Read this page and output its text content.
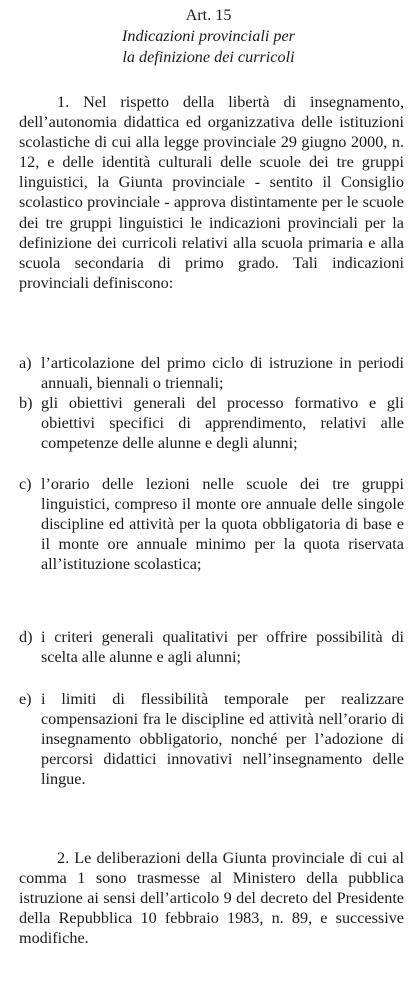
Art. 15
Indicazioni provinciali per
la definizione dei curricoli

1. Nel rispetto della libertà di insegnamento, dell’autonomia didattica ed organizzativa delle istituzioni scolastiche di cui alla legge provinciale 29 giugno 2000, n. 12, e delle identità culturali delle scuole dei tre gruppi linguistici, la Giunta provinciale - sentito il Consiglio scolastico provinciale - approva distintamente per le scuole dei tre gruppi linguistici le indicazioni provinciali per la definizione dei curricoli relativi alla scuola primaria e alla scuola secondaria di primo grado. Tali indicazioni provinciali definiscono:

a) l’articolazione del primo ciclo di istruzione in periodi annuali, biennali o triennali;
b) gli obiettivi generali del processo formativo e gli obiettivi specifici di apprendimento, relativi alle competenze delle alunne e degli alunni;
c) l’orario delle lezioni nelle scuole dei tre gruppi linguistici, compreso il monte ore annuale delle singole discipline ed attività per la quota obbligatoria di base e il monte ore annuale minimo per la quota riservata all’istituzione scolastica;
d) i criteri generali qualitativi per offrire possibilità di scelta alle alunne e agli alunni;
e) i limiti di flessibilità temporale per realizzare compensazioni fra le discipline ed attività nell’orario di insegnamento obbligatorio, nonché per l’adozione di percorsi didattici innovativi nell’insegnamento delle lingue.

2. Le deliberazioni della Giunta provinciale di cui al comma 1 sono trasmesse al Ministero della pubblica istruzione ai sensi dell’articolo 9 del decreto del Presidente della Repubblica 10 febbraio 1983, n. 89, e successive modifiche.
